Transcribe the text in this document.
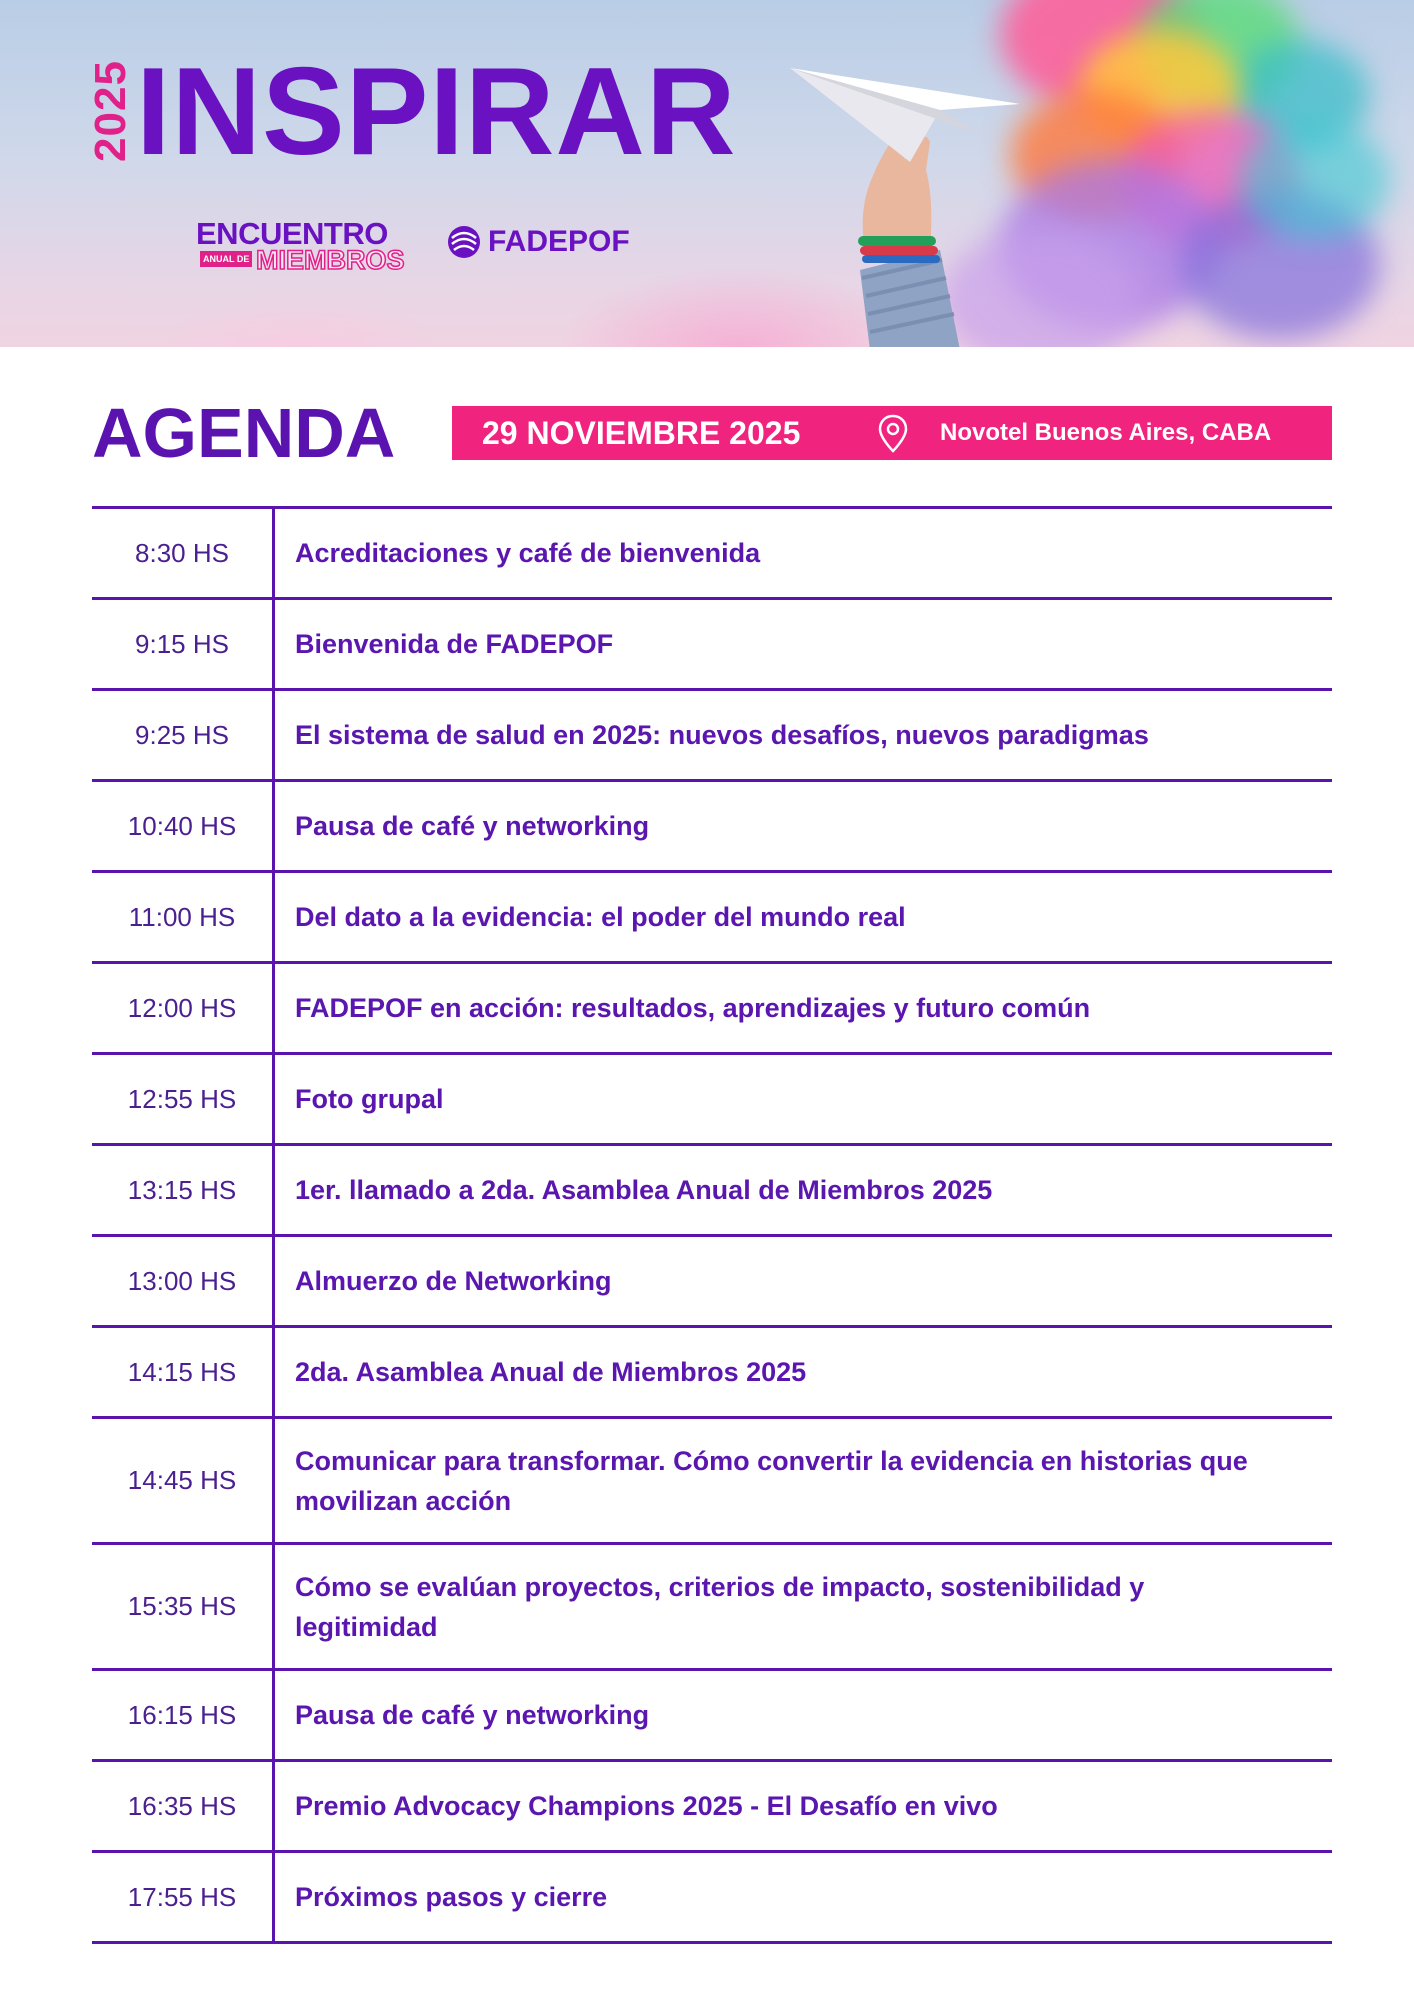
2025 INSPIRAR
ENCUENTRO
ANUAL DE MIEMBROS
FADEPOF
AGENDA	29 NOVIEMBRE 2025	Novotel Buenos Aires, CABA
8:30 HS	Acreditaciones y café de bienvenida
9:15 HS	Bienvenida de FADEPOF
9:25 HS	El sistema de salud en 2025: nuevos desafíos, nuevos paradigmas
10:40 HS	Pausa de café y networking
11:00 HS	Del dato a la evidencia: el poder del mundo real
12:00 HS	FADEPOF en acción: resultados, aprendizajes y futuro común
12:55 HS	Foto grupal
13:15 HS	1er. llamado a 2da. Asamblea Anual de Miembros 2025
13:00 HS	Almuerzo de Networking
14:15 HS	2da. Asamblea Anual de Miembros 2025
14:45 HS	Comunicar para transformar. Cómo convertir la evidencia en historias que movilizan acción
15:35 HS	Cómo se evalúan proyectos, criterios de impacto, sostenibilidad y legitimidad
16:15 HS	Pausa de café y networking
16:35 HS	Premio Advocacy Champions 2025 - El Desafío en vivo
17:55 HS	Próximos pasos y cierre
